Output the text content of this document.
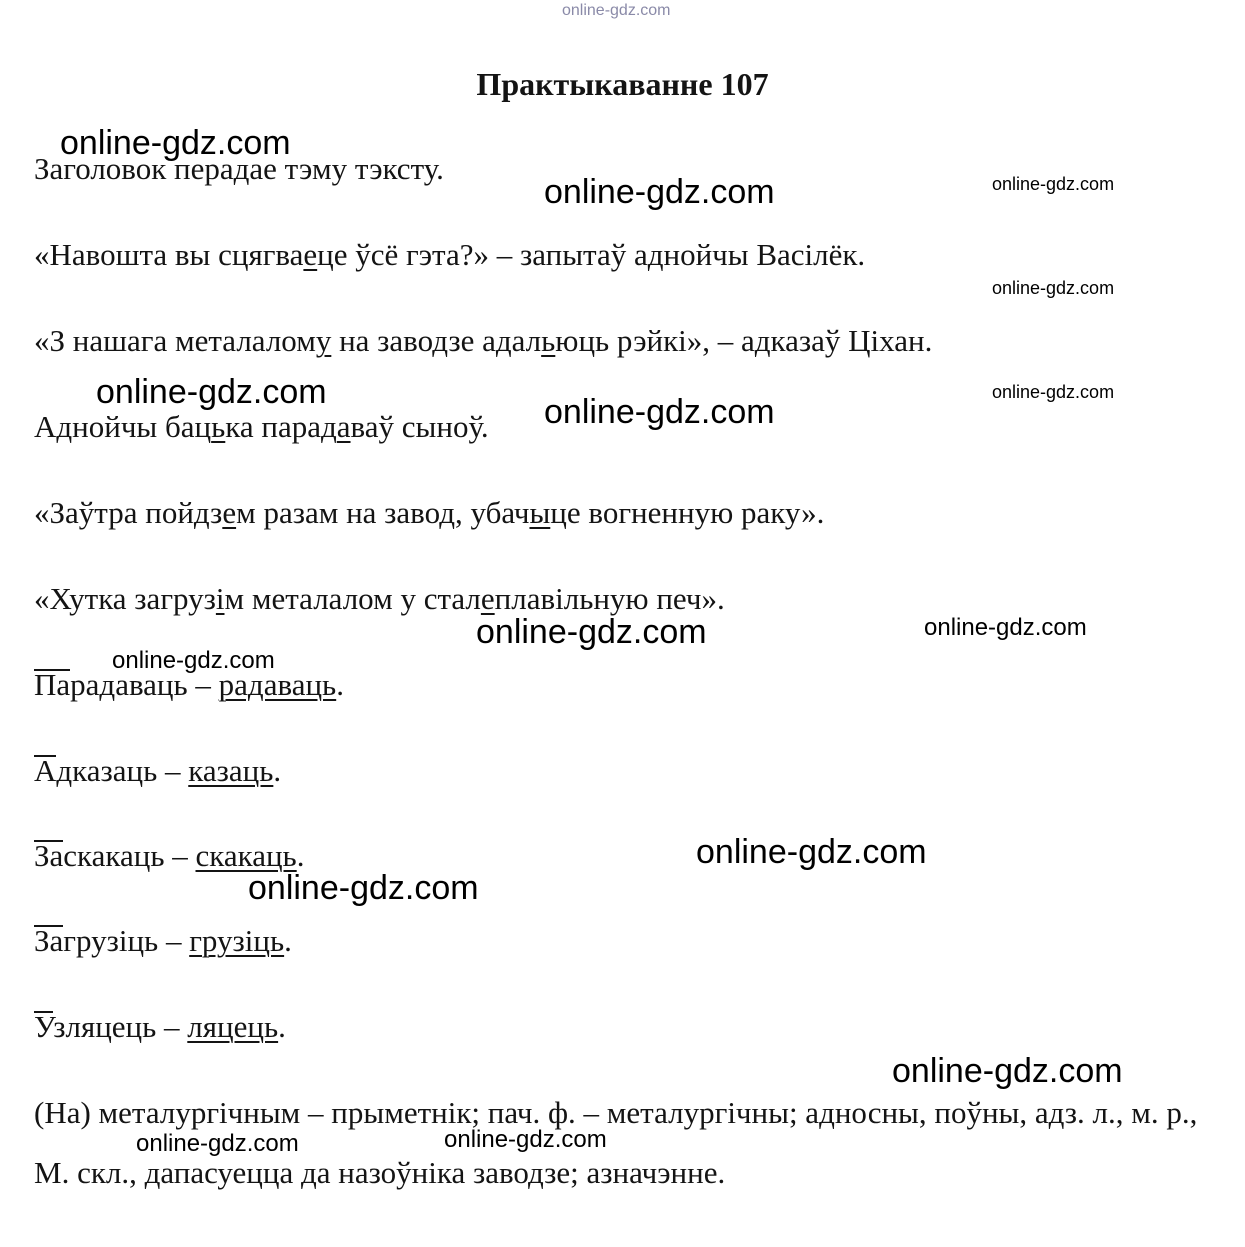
Практыкаванне 107
Заголовок перадае тэму тэксту.
«Навошта вы сцягваеце ўсё гэта?» – запытаў аднойчы Васілёк.
«З нашага металалому на заводзе адальюць рэйкі», – адказаў Ціхан.
Аднойчы бацька парадаваў сыноў.
«Заўтра пойдзем разам на завод, убачыце вогненную раку».
«Хутка загрузім металалом у сталеплавільную печ».
Парадаваць – радаваць.
Адказаць – казаць.
Заскакаць – скакаць.
Загрузіць – грузіць.
Узляцець – ляцець.
(На) металургічным – прыметнік; пач. ф. – металургічны; адносны, поўны, адз. л., м. р., М. скл., дапасуецца да назоўніка заводзе; азначэнне.
online-gdz.com
online-gdz.com
online-gdz.com	online-gdz.com
online-gdz.com
online-gdz.com	online-gdz.com
online-gdz.com
online-gdz.com	online-gdz.com
online-gdz.com
online-gdz.com
online-gdz.com
online-gdz.com
online-gdz.com	online-gdz.com
